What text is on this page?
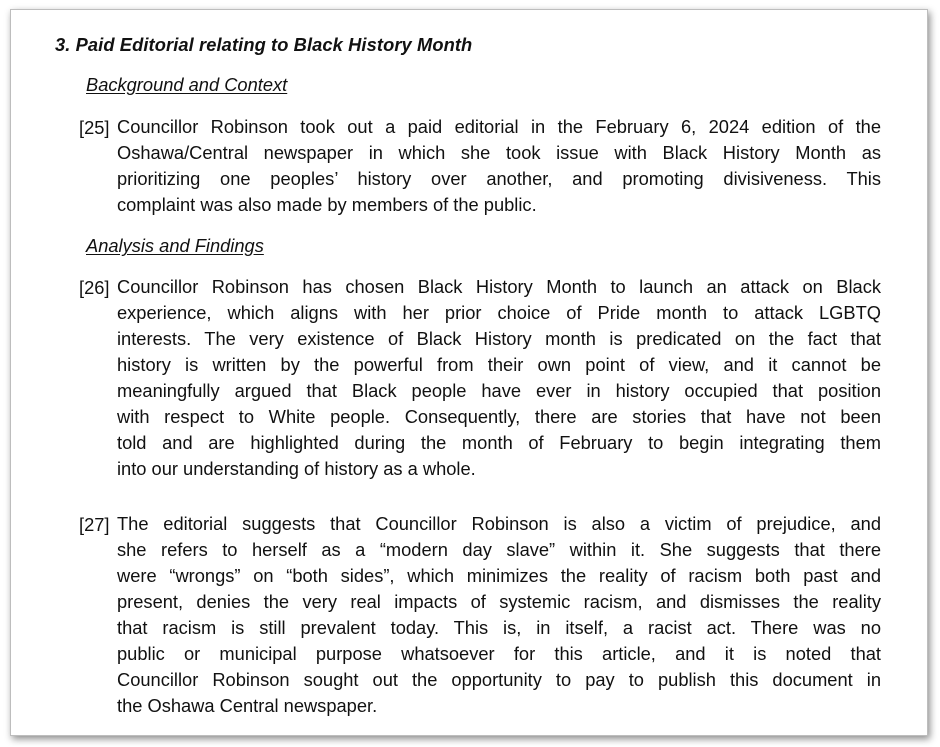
3. Paid Editorial relating to Black History Month
Background and Context
[25] Councillor Robinson took out a paid editorial in the February 6, 2024 edition of the
Oshawa/Central newspaper in which she took issue with Black History Month as
prioritizing one peoples’ history over another, and promoting divisiveness. This
complaint was also made by members of the public.
Analysis and Findings
[26] Councillor Robinson has chosen Black History Month to launch an attack on Black
experience, which aligns with her prior choice of Pride month to attack LGBTQ
interests. The very existence of Black History month is predicated on the fact that
history is written by the powerful from their own point of view, and it cannot be
meaningfully argued that Black people have ever in history occupied that position
with respect to White people. Consequently, there are stories that have not been
told and are highlighted during the month of February to begin integrating them
into our understanding of history as a whole.
[27] The editorial suggests that Councillor Robinson is also a victim of prejudice, and
she refers to herself as a “modern day slave” within it. She suggests that there
were “wrongs” on “both sides”, which minimizes the reality of racism both past and
present, denies the very real impacts of systemic racism, and dismisses the reality
that racism is still prevalent today. This is, in itself, a racist act. There was no
public or municipal purpose whatsoever for this article, and it is noted that
Councillor Robinson sought out the opportunity to pay to publish this document in
the Oshawa Central newspaper.
